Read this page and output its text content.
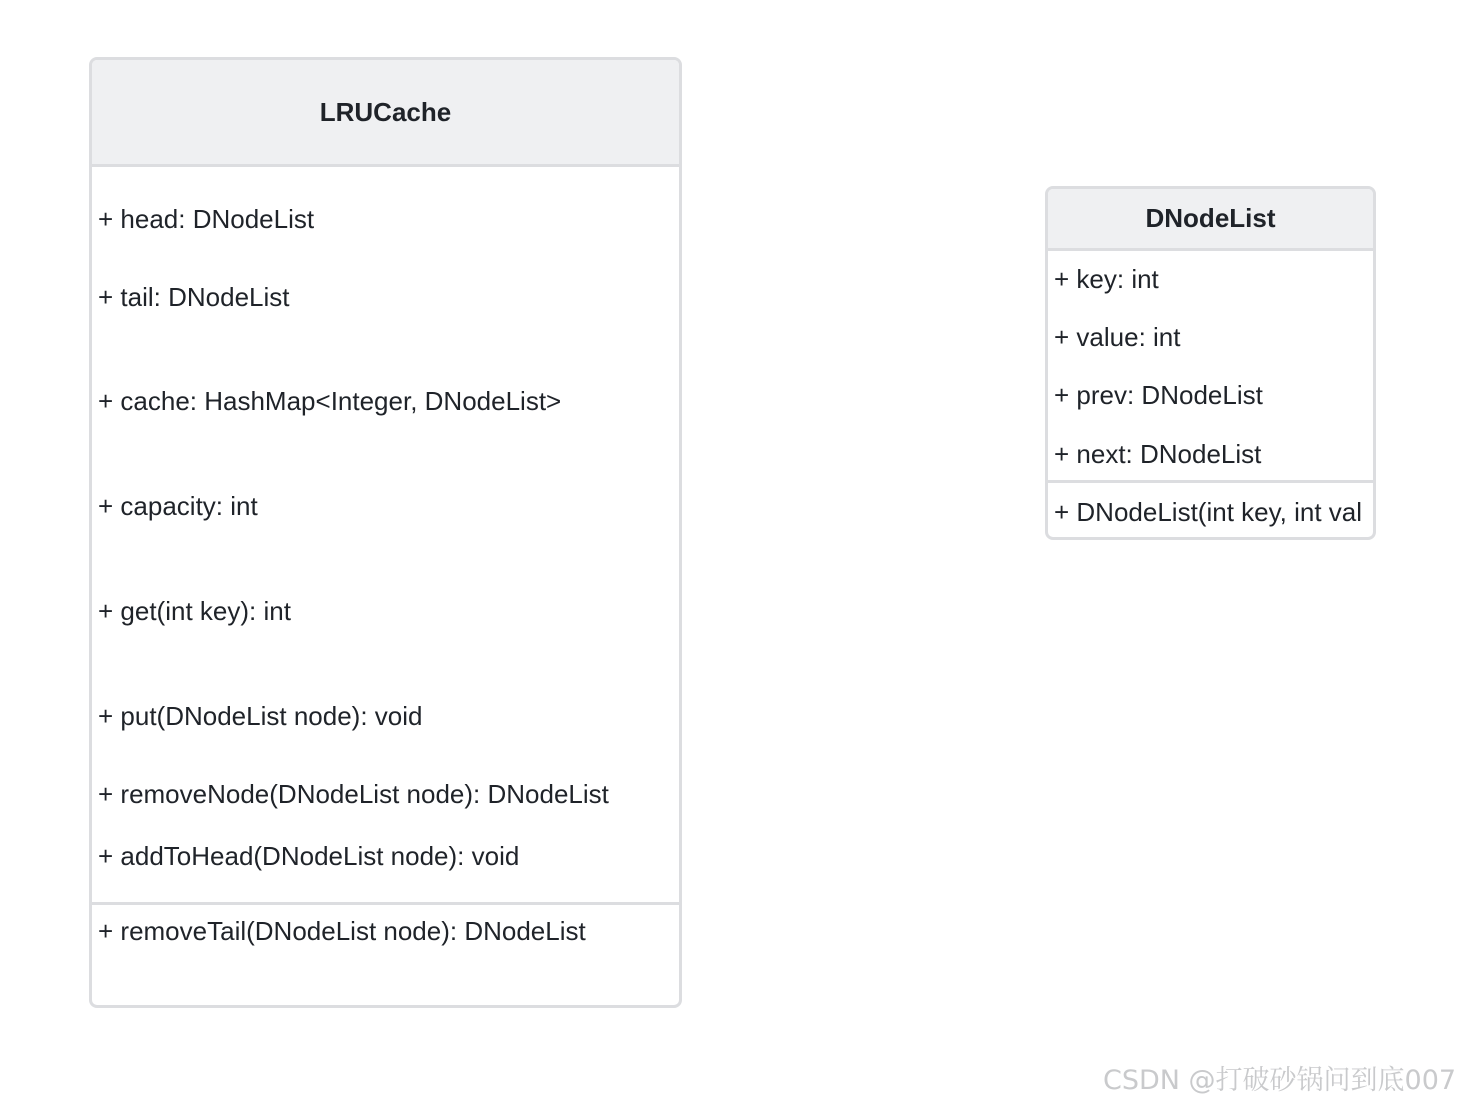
LRUCache
+ head: DNodeList
+ tail: DNodeList
+ cache: HashMap<Integer, DNodeList>
+ capacity: int
+ get(int key): int
+ put(DNodeList node): void
+ removeNode(DNodeList node): DNodeList
+ addToHead(DNodeList node): void
+ removeTail(DNodeList node): DNodeList
DNodeList
+ key: int
+ value: int
+ prev: DNodeList
+ next: DNodeList
+ DNodeList(int key, int val
CSDN @打破砂锅问到底007
